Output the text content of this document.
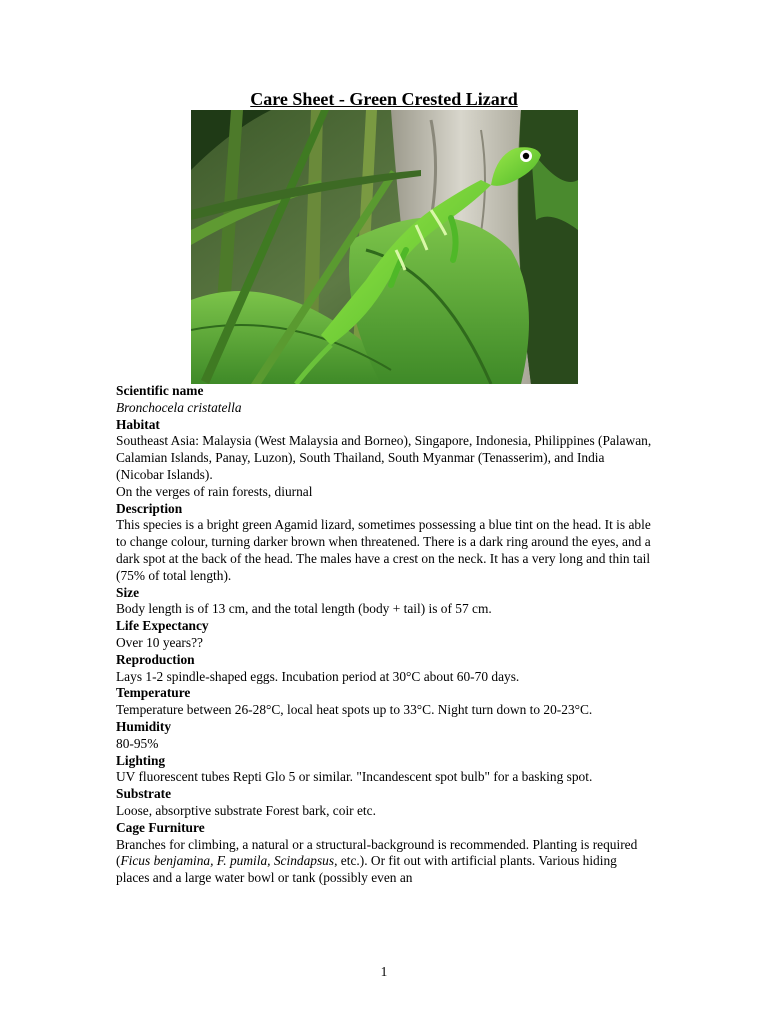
Care Sheet - Green Crested Lizard
Scientific name

Bronchocela cristatella

Habitat

Southeast Asia: Malaysia (West Malaysia and Borneo), Singapore, Indonesia, Philippines (Palawan, Calamian Islands, Panay, Luzon), South Thailand, South Myanmar (Tenasserim), and India (Nicobar Islands).

On the verges of rain forests, diurnal

Description

This species is a bright green Agamid lizard, sometimes possessing a blue tint on the head. It is able to change colour, turning darker brown when threatened. There is a dark ring around the eyes, and a dark spot at the back of the head. The males have a crest on the neck. It has a very long and thin tail (75% of total length).

Size

Body length is of 13 cm, and the total length (body + tail) is of 57 cm.

Life Expectancy

Over 10 years??

Reproduction

Lays 1-2 spindle-shaped eggs. Incubation period at 30°C about 60-70 days.

Temperature

Temperature between 26-28°C, local heat spots up to 33°C. Night turn down to 20-23°C.

Humidity

80-95%

Lighting

UV fluorescent tubes Repti Glo 5 or similar. "Incandescent spot bulb" for a basking spot.

Substrate

Loose, absorptive substrate Forest bark, coir etc.

Cage Furniture

Branches for climbing, a natural or a structural-background is recommended. Planting is required (Ficus benjamina, F. pumila, Scindapsus, etc.). Or fit out with artificial plants. Various hiding places and a large water bowl or tank (possibly even an

1
